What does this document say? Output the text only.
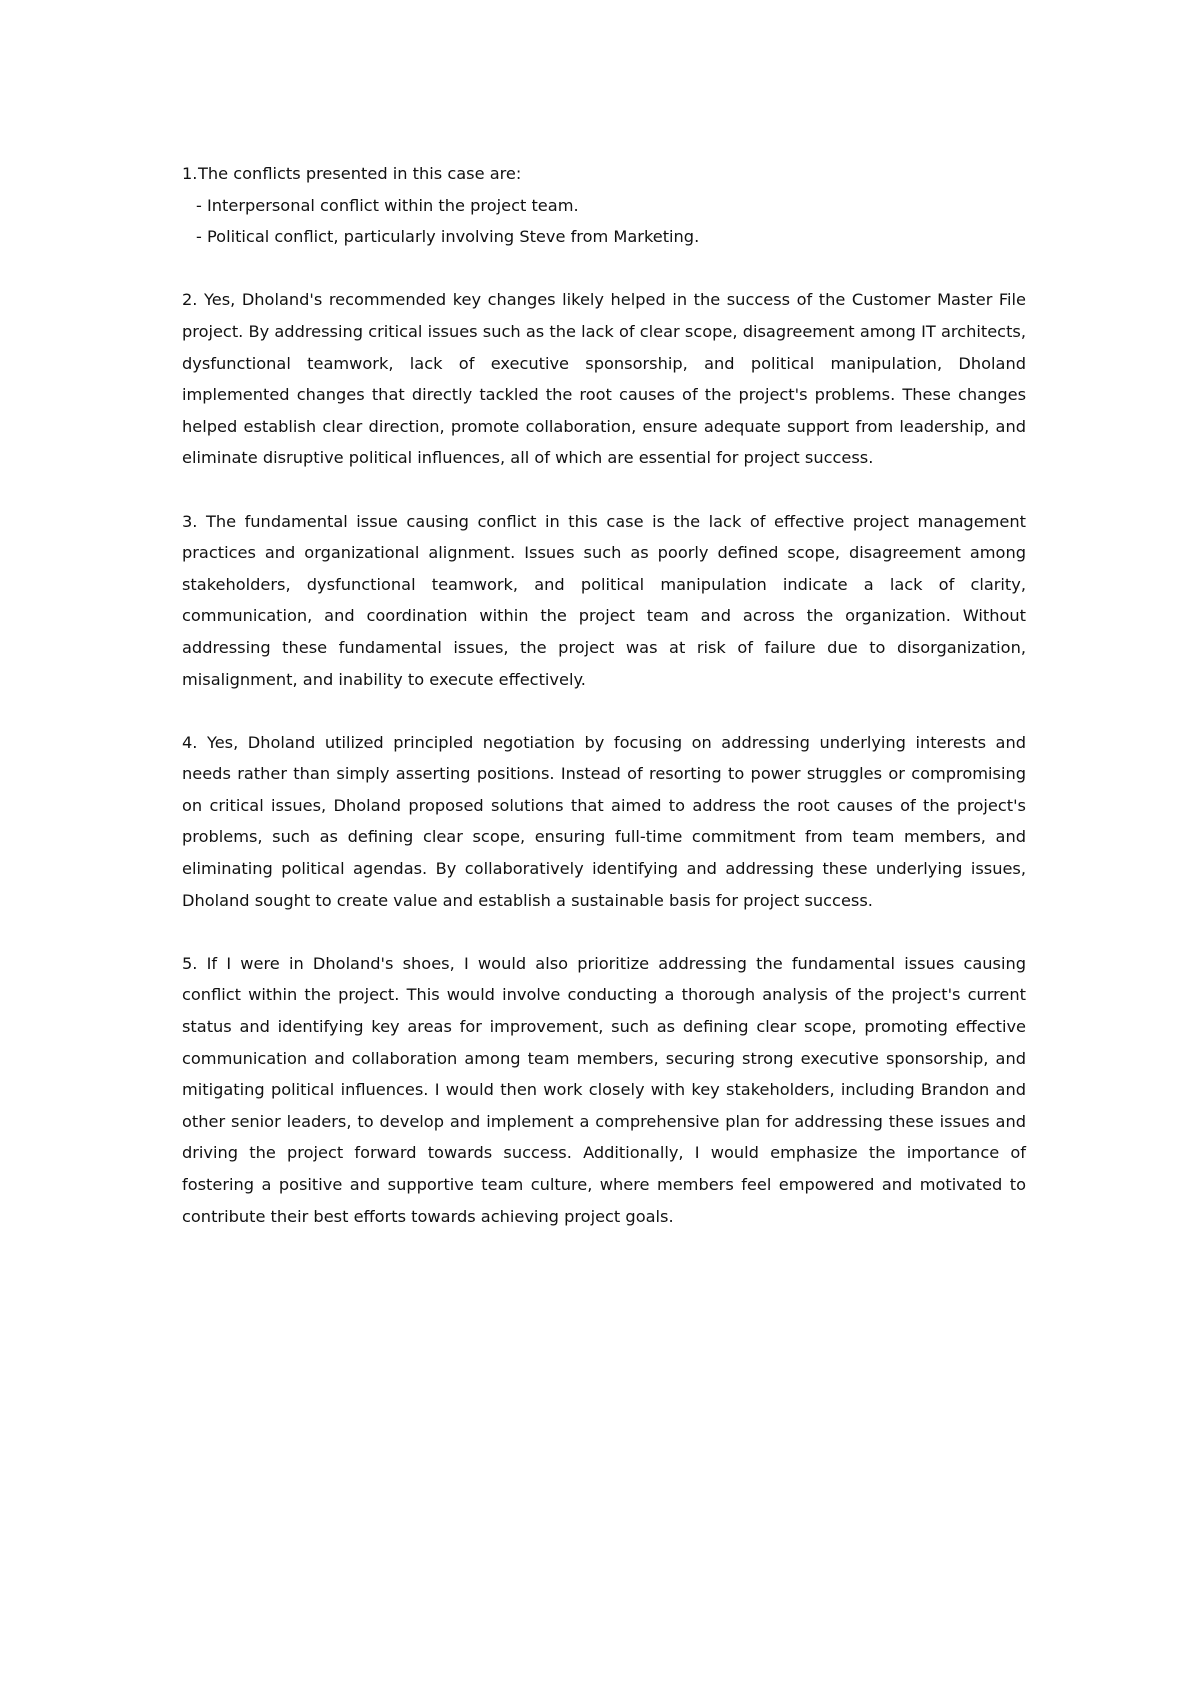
1.The conflicts presented in this case are:

- Interpersonal conflict within the project team.

- Political conflict, particularly involving Steve from Marketing.

2. Yes, Dholand's recommended key changes likely helped in the success of the Customer Master File project. By addressing critical issues such as the lack of clear scope, disagreement among IT architects, dysfunctional teamwork, lack of executive sponsorship, and political manipulation, Dholand implemented changes that directly tackled the root causes of the project's problems. These changes helped establish clear direction, promote collaboration, ensure adequate support from leadership, and eliminate disruptive political influences, all of which are essential for project success.

3. The fundamental issue causing conflict in this case is the lack of effective project management practices and organizational alignment. Issues such as poorly defined scope, disagreement among stakeholders, dysfunctional teamwork, and political manipulation indicate a lack of clarity, communication, and coordination within the project team and across the organization. Without addressing these fundamental issues, the project was at risk of failure due to disorganization, misalignment, and inability to execute effectively.

4. Yes, Dholand utilized principled negotiation by focusing on addressing underlying interests and needs rather than simply asserting positions. Instead of resorting to power struggles or compromising on critical issues, Dholand proposed solutions that aimed to address the root causes of the project's problems, such as defining clear scope, ensuring full-time commitment from team members, and eliminating political agendas. By collaboratively identifying and addressing these underlying issues, Dholand sought to create value and establish a sustainable basis for project success.

5. If I were in Dholand's shoes, I would also prioritize addressing the fundamental issues causing conflict within the project. This would involve conducting a thorough analysis of the project's current status and identifying key areas for improvement, such as defining clear scope, promoting effective communication and collaboration among team members, securing strong executive sponsorship, and mitigating political influences. I would then work closely with key stakeholders, including Brandon and other senior leaders, to develop and implement a comprehensive plan for addressing these issues and driving the project forward towards success. Additionally, I would emphasize the importance of fostering a positive and supportive team culture, where members feel empowered and motivated to contribute their best efforts towards achieving project goals.
